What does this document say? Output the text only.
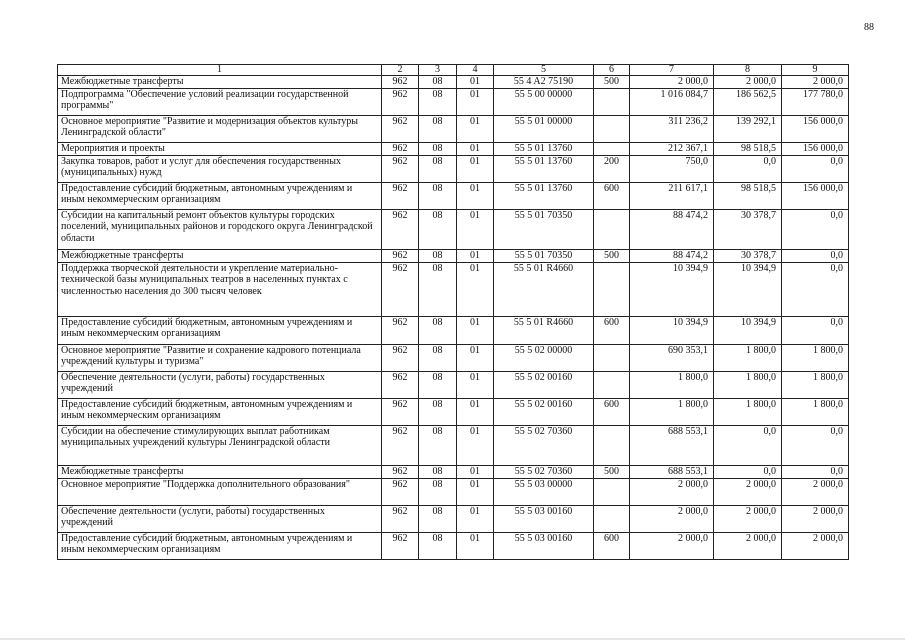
88
1	2	3	4	5	6	7	8	9
Межбюджетные трансферты	962	08	01	55 4 A2 75190	500	2 000,0	2 000,0	2 000,0
Подпрограмма "Обеспечение условий реализации государственной программы"	962	08	01	55 5 00 00000		1 016 084,7	186 562,5	177 780,0
Основное мероприятие "Развитие и модернизация объектов культуры Ленинградской области"	962	08	01	55 5 01 00000		311 236,2	139 292,1	156 000,0
Мероприятия и проекты	962	08	01	55 5 01 13760		212 367,1	98 518,5	156 000,0
Закупка товаров, работ и услуг для обеспечения государственных (муниципальных) нужд	962	08	01	55 5 01 13760	200	750,0	0,0	0,0
Предоставление субсидий бюджетным, автономным учреждениям и иным некоммерческим организациям	962	08	01	55 5 01 13760	600	211 617,1	98 518,5	156 000,0
Субсидии на капитальный ремонт объектов культуры городских поселений, муниципальных районов и городского округа Ленинградской области	962	08	01	55 5 01 70350		88 474,2	30 378,7	0,0
Межбюджетные трансферты	962	08	01	55 5 01 70350	500	88 474,2	30 378,7	0,0
Поддержка творческой деятельности и укрепление материально-технической базы муниципальных театров в населенных пунктах с численностью населения до 300 тысяч человек	962	08	01	55 5 01 R4660		10 394,9	10 394,9	0,0
Предоставление субсидий бюджетным, автономным учреждениям и иным некоммерческим организациям	962	08	01	55 5 01 R4660	600	10 394,9	10 394,9	0,0
Основное мероприятие "Развитие и сохранение кадрового потенциала учреждений культуры и туризма"	962	08	01	55 5 02 00000		690 353,1	1 800,0	1 800,0
Обеспечение деятельности (услуги, работы) государственных учреждений	962	08	01	55 5 02 00160		1 800,0	1 800,0	1 800,0
Предоставление субсидий бюджетным, автономным учреждениям и иным некоммерческим организациям	962	08	01	55 5 02 00160	600	1 800,0	1 800,0	1 800,0
Субсидии на обеспечение стимулирующих выплат работникам муниципальных учреждений культуры Ленинградской области	962	08	01	55 5 02 70360		688 553,1	0,0	0,0
Межбюджетные трансферты	962	08	01	55 5 02 70360	500	688 553,1	0,0	0,0
Основное мероприятие "Поддержка дополнительного образования"	962	08	01	55 5 03 00000		2 000,0	2 000,0	2 000,0
Обеспечение деятельности (услуги, работы) государственных учреждений	962	08	01	55 5 03 00160		2 000,0	2 000,0	2 000,0
Предоставление субсидий бюджетным, автономным учреждениям и иным некоммерческим организациям	962	08	01	55 5 03 00160	600	2 000,0	2 000,0	2 000,0
